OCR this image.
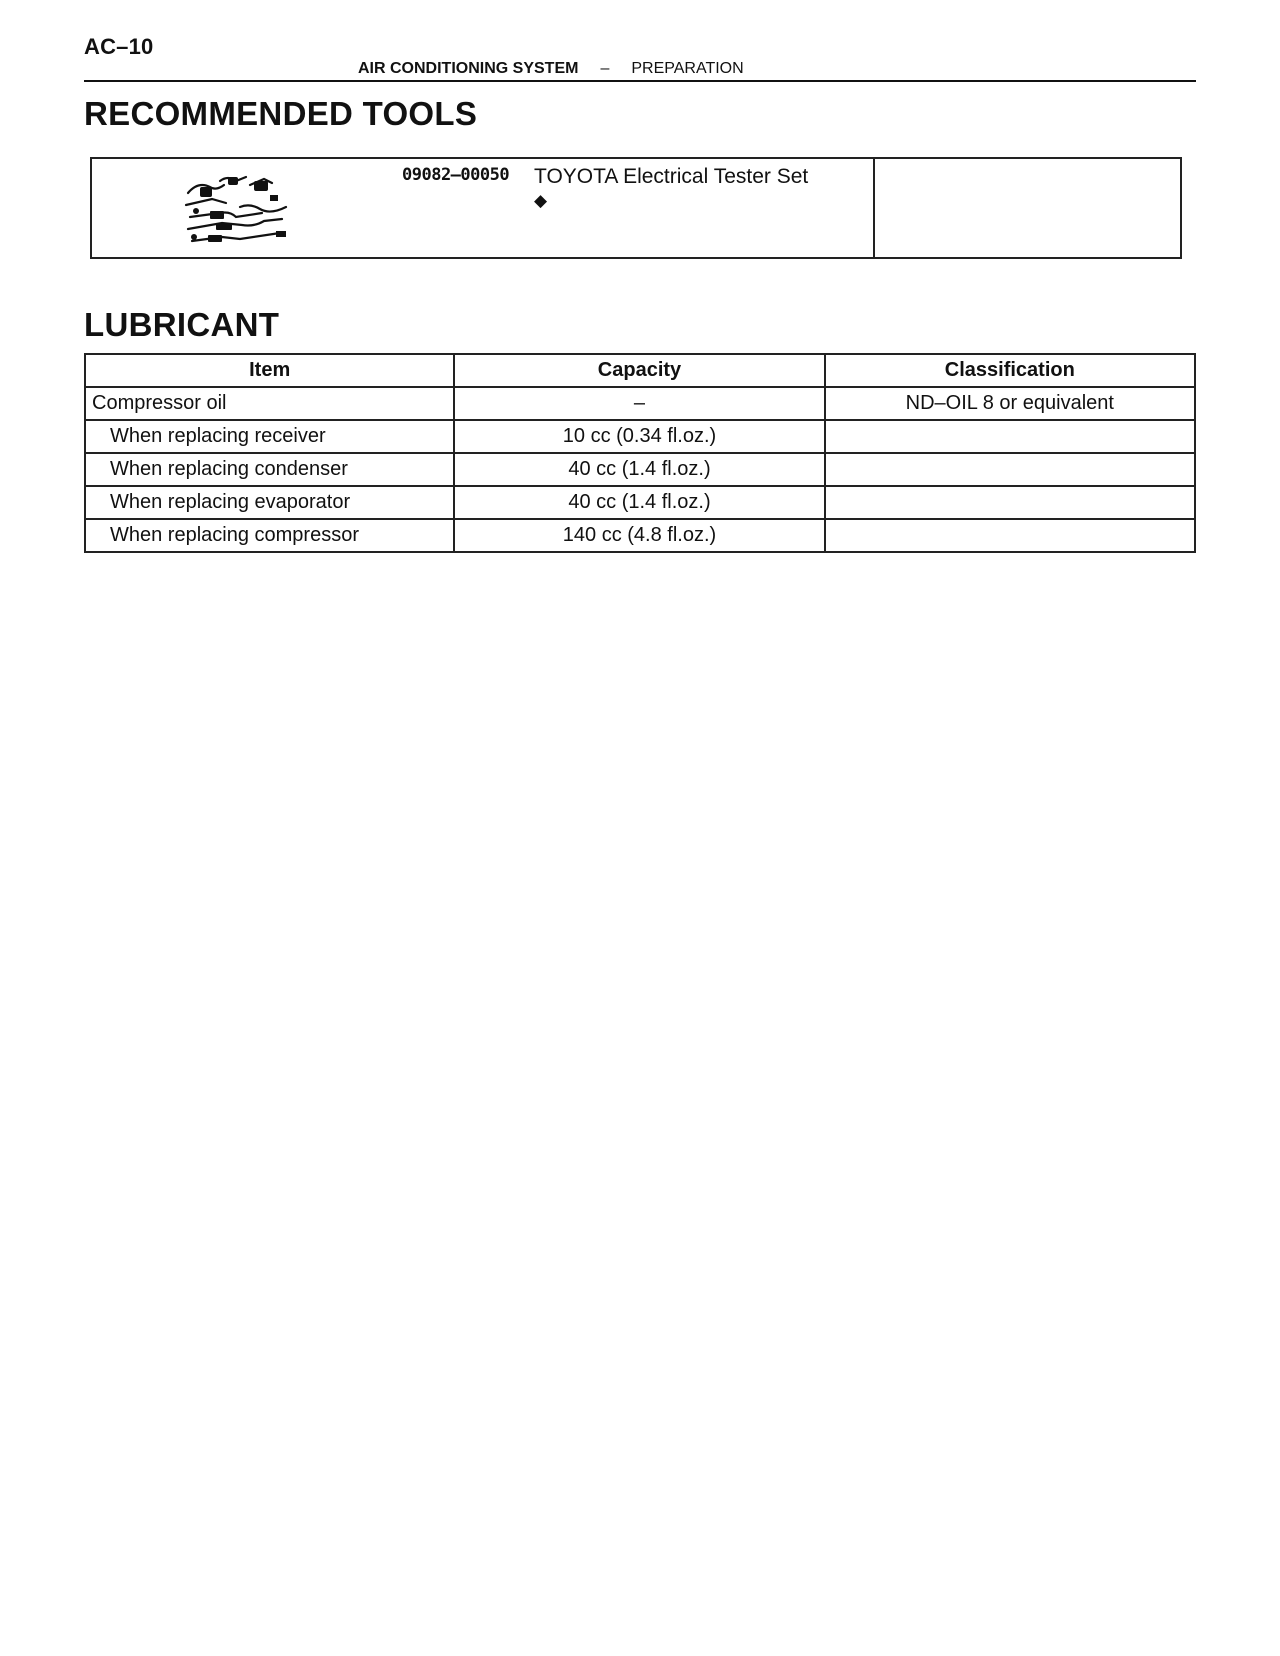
AC–10
AIR CONDITIONING SYSTEM – PREPARATION
RECOMMENDED TOOLS
09082–00050 TOYOTA Electrical Tester Set
◆
LUBRICANT
Item	Capacity	Classification
Compressor oil	–	ND–OIL 8 or equivalent
When replacing receiver	10 cc (0.34 fl.oz.)	
When replacing condenser	40 cc (1.4 fl.oz.)	
When replacing evaporator	40 cc (1.4 fl.oz.)	
When replacing compressor	140 cc (4.8 fl.oz.)	
